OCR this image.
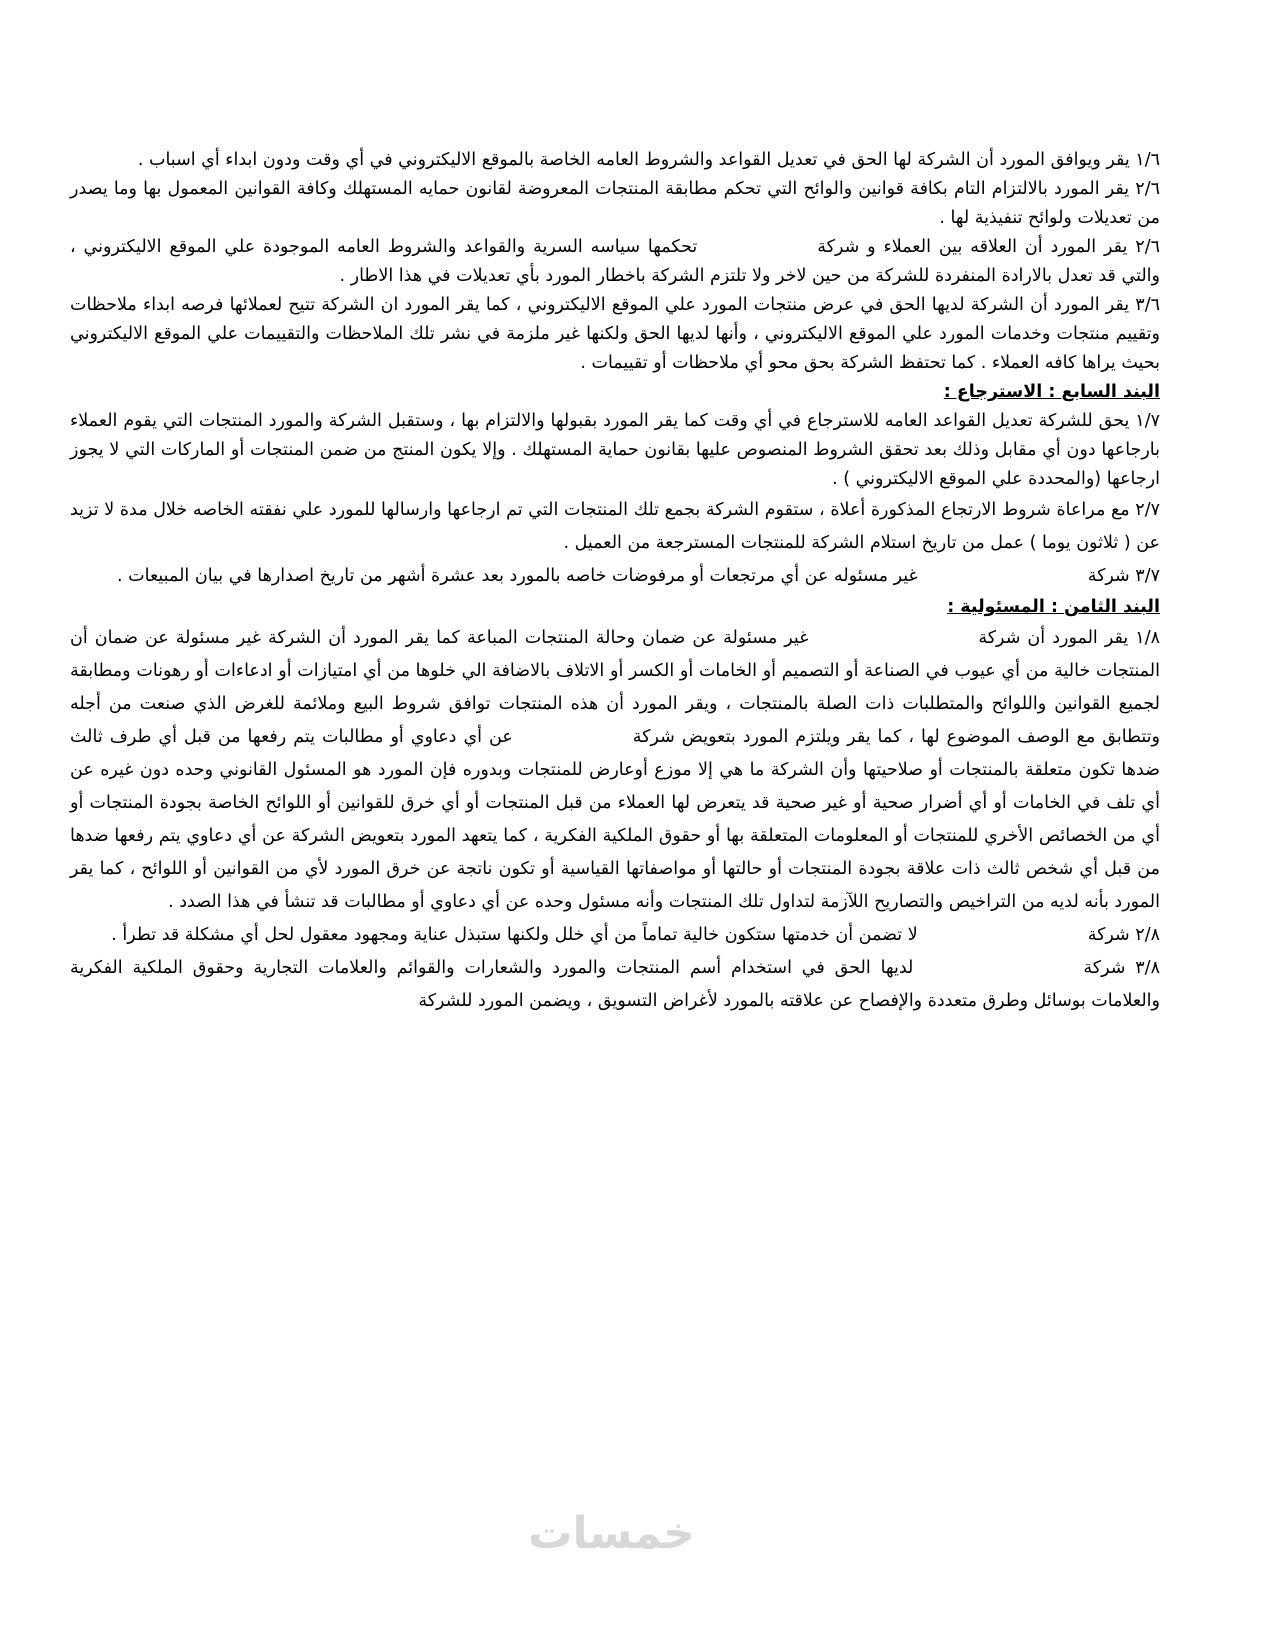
١/٦ يقر ويوافق المورد أن الشركة لها الحق في تعديل القواعد والشروط العامه الخاصة بالموقع الاليكتروني في أي وقت ودون ابداء أي اسباب .

٢/٦ يقر المورد بالالتزام التام بكافة قوانين والوائح التي تحكم مطابقة المنتجات المعروضة لقانون حمايه المستهلك وكافة القوانين المعمول بها وما يصدر من تعديلات ولوائح تنفيذية لها .

٢/٦ يقر المورد أن العلاقه بين العملاء و شركةتحكمها سياسه السرية والقواعد والشروط العامه الموجودة علي الموقع الاليكتروني ، والتي قد تعدل بالارادة المنفردة للشركة من حين لاخر ولا تلتزم الشركة باخطار المورد بأي تعديلات في هذا الاطار .

٣/٦ يقر المورد أن الشركة لديها الحق في عرض منتجات المورد علي الموقع الاليكتروني ، كما يقر المورد ان الشركة تتيح لعملائها فرصه ابداء ملاحظات وتقييم منتجات وخدمات المورد علي الموقع الاليكتروني ، وأنها لديها الحق ولكنها غير ملزمة في نشر تلك الملاحظات والتقييمات علي الموقع الاليكتروني بحيث يراها كافه العملاء . كما تحتفظ الشركة بحق محو أي ملاحظات أو تقييمات .

البند السابع : الاسترجاع :

١/٧ يحق للشركة تعديل القواعد العامه للاسترجاع في أي وقت كما يقر المورد بقبولها والالتزام بها ، وستقبل الشركة والمورد المنتجات التي يقوم العملاء بارجاعها دون أي مقابل وذلك بعد تحقق الشروط المنصوص عليها بقانون حماية المستهلك . وإلا يكون المنتج من ضمن المنتجات أو الماركات التي لا يجوز ارجاعها (والمحددة علي الموقع الاليكتروني ) .

٢/٧ مع مراعاة شروط الارتجاع المذكورة أعلاة ، ستقوم الشركة بجمع تلك المنتجات التي تم ارجاعها وارسالها للمورد علي نفقته الخاصه خلال مدة لا تزيد عن ( ثلاثون يوما ) عمل من تاريخ استلام الشركة للمنتجات المسترجعة من العميل .

٣/٧ شركةغير مسئوله عن أي مرتجعات أو مرفوضات خاصه بالمورد بعد عشرة أشهر من تاريخ اصدارها في بيان المبيعات .

البند الثامن : المسئولية :

١/٨ يقر المورد أن شركةغير مسئولة عن ضمان وحالة المنتجات المباعة كما يقر المورد أن الشركة غير مسئولة عن ضمان أن المنتجات خالية من أي عيوب في الصناعة أو التصميم أو الخامات أو الكسر أو الاتلاف بالاضافة الي خلوها من أي امتيازات أو ادعاءات أو رهونات ومطابقة لجميع القوانين واللوائح والمتطلبات ذات الصلة بالمنتجات ، ويقر المورد أن هذه المنتجات توافق شروط البيع وملائمة للغرض الذي صنعت من أجله وتتطابق مع الوصف الموضوع لها ، كما يقر ويلتزم المورد بتعويض شركةعن أي دعاوي أو مطالبات يتم رفعها من قبل أي طرف ثالث ضدها تكون متعلقة بالمنتجات أو صلاحيتها وأن الشركة ما هي إلا موزع أوعارض للمنتجات وبدوره فإن المورد هو المسئول القانوني وحده دون غيره عن أي تلف في الخامات أو أي أضرار صحية أو غير صحية قد يتعرض لها العملاء من قبل المنتجات أو أي خرق للقوانين أو اللوائح الخاصة بجودة المنتجات أو أي من الخصائص الأخري للمنتجات أو المعلومات المتعلقة بها أو حقوق الملكية الفكرية ، كما يتعهد المورد بتعويض الشركة عن أي دعاوي يتم رفعها ضدها من قبل أي شخص ثالث ذات علاقة بجودة المنتجات أو حالتها أو مواصفاتها القياسية أو تكون ناتجة عن خرق المورد لأي من القوانين أو اللوائح ، كما يقر المورد بأنه لديه من التراخيص والتصاريح اللآزمة لتداول تلك المنتجات وأنه مسئول وحده عن أي دعاوي أو مطالبات قد تنشأ في هذا الصدد .

٢/٨ شركةلا تضمن أن خدمتها ستكون خالية تماماً من أي خلل ولكنها ستبذل عناية ومجهود معقول لحل أي مشكلة قد تطرأ .

٣/٨ شركةلديها الحق في استخدام أسم المنتجات والمورد والشعارات والقوائم والعلامات التجارية وحقوق الملكية الفكرية والعلامات بوسائل وطرق متعددة والإفصاح عن علاقته بالمورد لأغراض التسويق ، ويضمن المورد للشركة

خمسات
